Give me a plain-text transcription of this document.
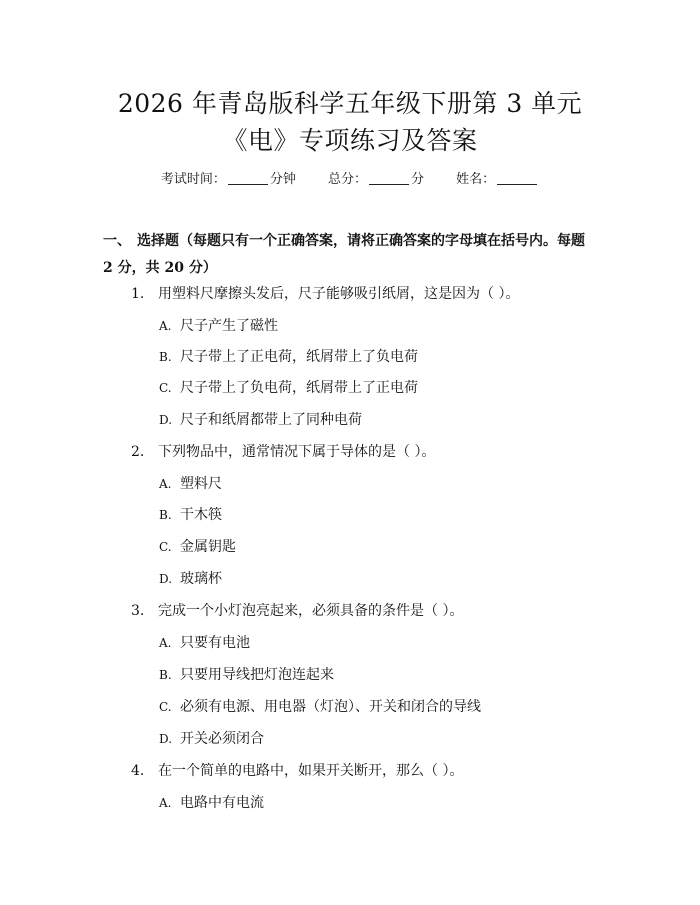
2026 年青岛版科学五年级下册第 3 单元
《电》专项练习及答案
考试时间：	分钟 总分：	分 姓名：
一、 选择题（每题只有一个正确答案，请将正确答案的字母填在括号内。每题 2 分，共 20 分）
1. 用塑料尺摩擦头发后，尺子能够吸引纸屑，这是因为（ ）。
A. 尺子产生了磁性
B. 尺子带上了正电荷，纸屑带上了负电荷
C. 尺子带上了负电荷，纸屑带上了正电荷
D. 尺子和纸屑都带上了同种电荷
2. 下列物品中，通常情况下属于导体的是（ ）。
A. 塑料尺
B. 干木筷
C. 金属钥匙
D. 玻璃杯
3. 完成一个小灯泡亮起来，必须具备的条件是（ ）。
A. 只要有电池
B. 只要用导线把灯泡连起来
C. 必须有电源、用电器（灯泡）、开关和闭合的导线
D. 开关必须闭合
4. 在一个简单的电路中，如果开关断开，那么（ ）。
A. 电路中有电流
